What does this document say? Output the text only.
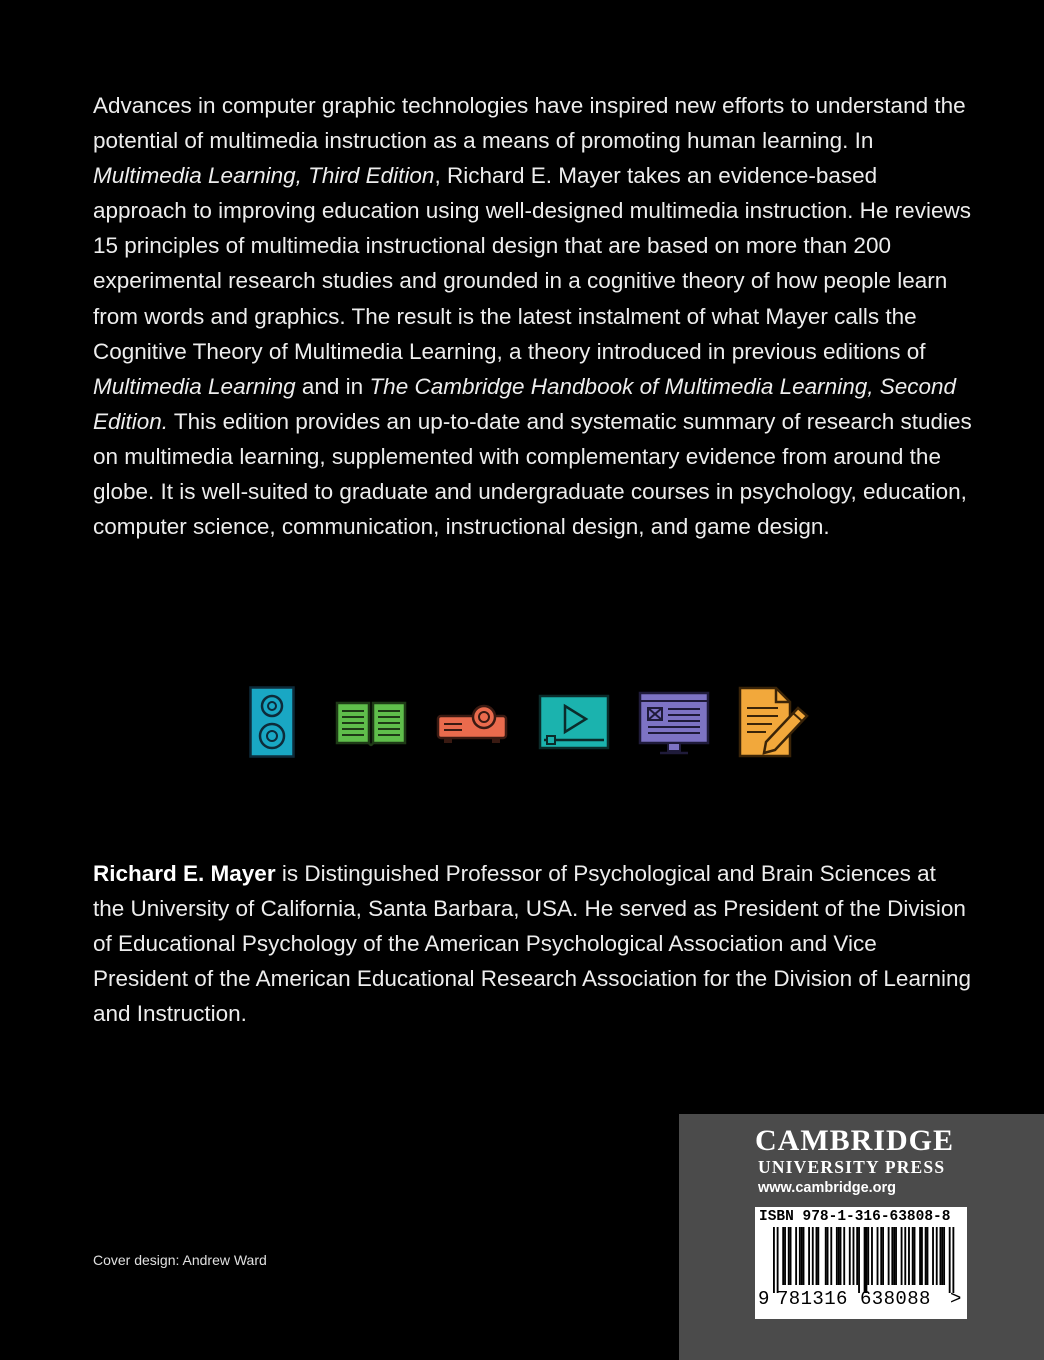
Advances in computer graphic technologies have inspired new efforts to understand the potential of multimedia instruction as a means of promoting human learning. In Multimedia Learning, Third Edition, Richard E. Mayer takes an evidence-based approach to improving education using well-designed multimedia instruction. He reviews 15 principles of multimedia instructional design that are based on more than 200 experimental research studies and grounded in a cognitive theory of how people learn from words and graphics. The result is the latest instalment of what Mayer calls the Cognitive Theory of Multimedia Learning, a theory introduced in previous editions of Multimedia Learning and in The Cambridge Handbook of Multimedia Learning, Second Edition. This edition provides an up-to-date and systematic summary of research studies on multimedia learning, supplemented with complementary evidence from around the globe. It is well-suited to graduate and undergraduate courses in psychology, education, computer science, communication, instructional design, and game design.

Richard E. Mayer is Distinguished Professor of Psychological and Brain Sciences at the University of California, Santa Barbara, USA. He served as President of the Division of Educational Psychology of the American Psychological Association and Vice President of the American Educational Research Association for the Division of Learning and Instruction.

Cover design: Andrew Ward
CAMBRIDGE
UNIVERSITY PRESS
www.cambridge.org
ISBN 978-1-316-63808-8
9 781316 638088 >
